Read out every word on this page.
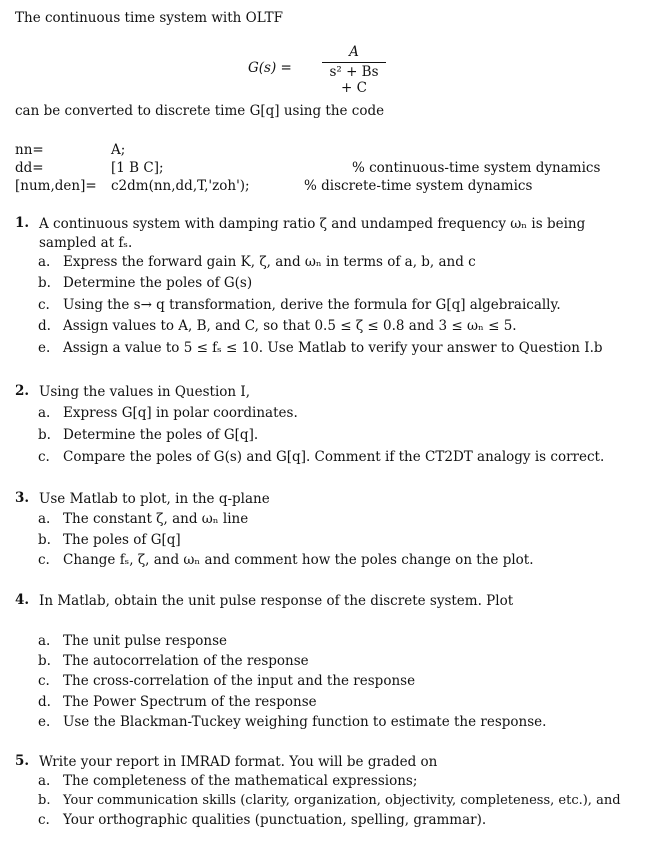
The continuous time system with OLTF
G(s) =
A
s² + Bs + C
can be converted to discrete time G[q] using the code
nn=	A;
dd=	[1 B C];	% continuous-time system dynamics
[num,den]= c2dm(nn,dd,T,'zoh');	% discrete-time system dynamics
1. A continuous system with damping ratio ζ and undamped frequency ωₙ is being sampled at fₛ.
a. Express the forward gain K, ζ, and ωₙ in terms of a, b, and c
b. Determine the poles of G(s)
c. Using the s→ q transformation, derive the formula for G[q] algebraically.
d. Assign values to A, B, and C, so that 0.5 ≤ ζ ≤ 0.8 and 3 ≤ ωₙ ≤ 5.
e. Assign a value to 5 ≤ fₛ ≤ 10. Use Matlab to verify your answer to Question I.b
2. Using the values in Question I,
a. Express G[q] in polar coordinates.
b. Determine the poles of G[q].
c. Compare the poles of G(s) and G[q]. Comment if the CT2DT analogy is correct.
3. Use Matlab to plot, in the q-plane
a. The constant ζ, and ωₙ line
b. The poles of G[q]
c. Change fₛ, ζ, and ωₙ and comment how the poles change on the plot.
4. In Matlab, obtain the unit pulse response of the discrete system. Plot
a. The unit pulse response
b. The autocorrelation of the response
c. The cross-correlation of the input and the response
d. The Power Spectrum of the response
e. Use the Blackman-Tuckey weighing function to estimate the response.
5. Write your report in IMRAD format. You will be graded on
a. The completeness of the mathematical expressions;
b. Your communication skills (clarity, organization, objectivity, completeness, etc.), and
c. Your orthographic qualities (punctuation, spelling, grammar).
